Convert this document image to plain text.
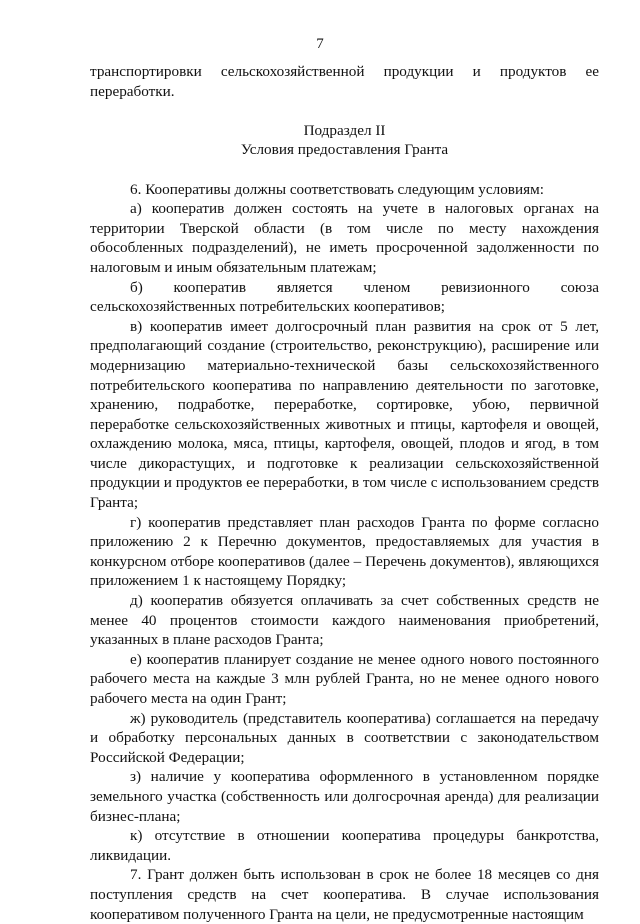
7

транспортировки сельскохозяйственной продукции и продуктов ее переработки.

Подраздел II

Условия предоставления Гранта

6. Кооперативы должны соответствовать следующим условиям:

а) кооператив должен состоять на учете в налоговых органах на территории Тверской области (в том числе по месту нахождения обособленных подразделений), не иметь просроченной задолженности по налоговым и иным обязательным платежам;

б) кооператив является членом ревизионного союза сельскохозяйственных потребительских кооперативов;

в) кооператив имеет долгосрочный план развития на срок от 5 лет, предполагающий создание (строительство, реконструкцию), расширение или модернизацию материально-технической базы сельскохозяйственного потребительского кооператива по направлению деятельности по заготовке, хранению, подработке, переработке, сортировке, убою, первичной переработке сельскохозяйственных животных и птицы, картофеля и овощей, охлаждению молока, мяса, птицы, картофеля, овощей, плодов и ягод, в том числе дикорастущих, и подготовке к реализации сельскохозяйственной продукции и продуктов ее переработки, в том числе с использованием средств Гранта;

г) кооператив представляет план расходов Гранта по форме согласно приложению 2 к Перечню документов, предоставляемых для участия в конкурсном отборе кооперативов (далее – Перечень документов), являющихся приложением 1 к настоящему Порядку;

д) кооператив обязуется оплачивать за счет собственных средств не менее 40 процентов стоимости каждого наименования приобретений, указанных в плане расходов Гранта;

е) кооператив планирует создание не менее одного нового постоянного рабочего места на каждые 3 млн рублей Гранта, но не менее одного нового рабочего места на один Грант;

ж) руководитель (представитель кооператива) соглашается на передачу и обработку персональных данных в соответствии с законодательством Российской Федерации;

з) наличие у кооператива оформленного в установленном порядке земельного участка (собственность или долгосрочная аренда) для реализации бизнес-плана;

к) отсутствие в отношении кооператива процедуры банкротства, ликвидации.

7. Грант должен быть использован в срок не более 18 месяцев со дня поступления средств на счет кооператива. В случае использования кооперативом полученного Гранта на цели, не предусмотренные настоящим
